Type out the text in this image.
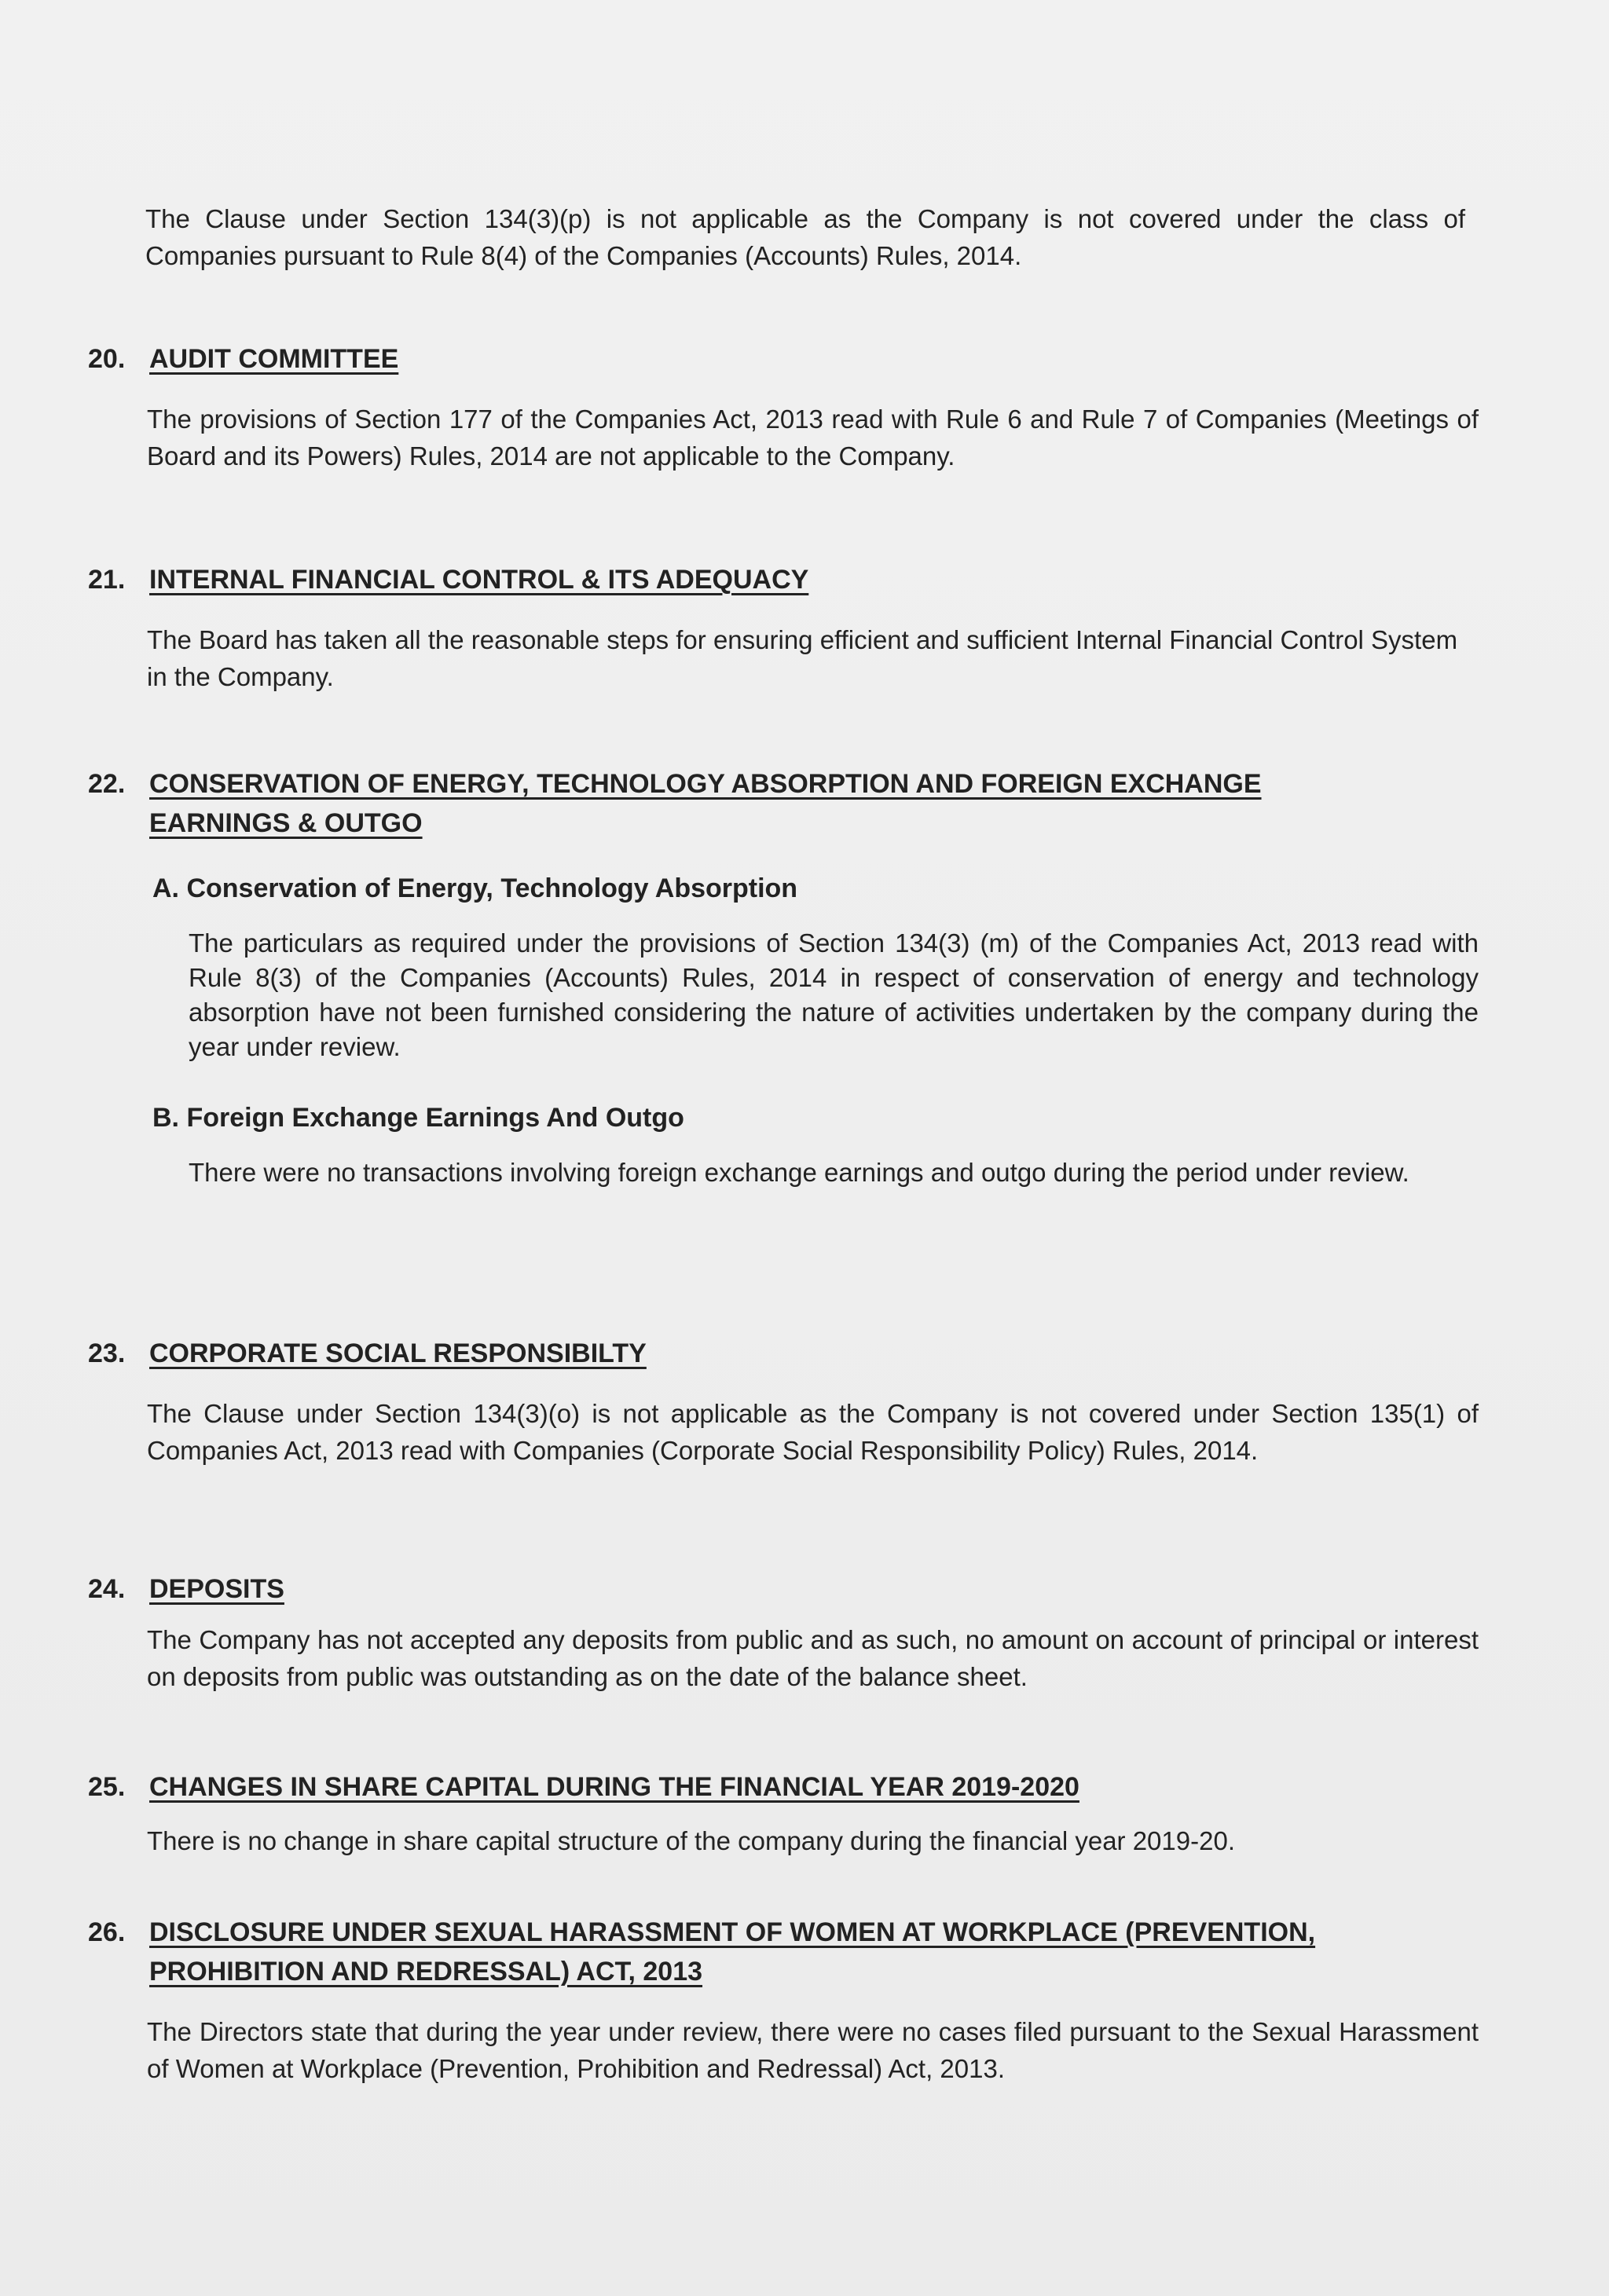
The Clause under Section 134(3)(p) is not applicable as the Company is not covered under the class of Companies pursuant to Rule 8(4) of the Companies (Accounts) Rules, 2014.

20. AUDIT COMMITTEE

The provisions of Section 177 of the Companies Act, 2013 read with Rule 6 and Rule 7 of Companies (Meetings of Board and its Powers) Rules, 2014 are not applicable to the Company.

21. INTERNAL FINANCIAL CONTROL & ITS ADEQUACY

The Board has taken all the reasonable steps for ensuring efficient and sufficient Internal Financial Control System in the Company.

22. CONSERVATION OF ENERGY, TECHNOLOGY ABSORPTION AND FOREIGN EXCHANGE EARNINGS & OUTGO
A. Conservation of Energy, Technology Absorption

The particulars as required under the provisions of Section 134(3) (m) of the Companies Act, 2013 read with Rule 8(3) of the Companies (Accounts) Rules, 2014 in respect of conservation of energy and technology absorption have not been furnished considering the nature of activities undertaken by the company during the year under review.

B. Foreign Exchange Earnings And Outgo

There were no transactions involving foreign exchange earnings and outgo during the period under review.

23. CORPORATE SOCIAL RESPONSIBILTY

The Clause under Section 134(3)(o) is not applicable as the Company is not covered under Section 135(1) of Companies Act, 2013 read with Companies (Corporate Social Responsibility Policy) Rules, 2014.

24. DEPOSITS

The Company has not accepted any deposits from public and as such, no amount on account of principal or interest on deposits from public was outstanding as on the date of the balance sheet.

25. CHANGES IN SHARE CAPITAL DURING THE FINANCIAL YEAR 2019-2020

There is no change in share capital structure of the company during the financial year 2019-20.

26. DISCLOSURE UNDER SEXUAL HARASSMENT OF WOMEN AT WORKPLACE (PREVENTION, PROHIBITION AND REDRESSAL) ACT, 2013

The Directors state that during the year under review, there were no cases filed pursuant to the Sexual Harassment of Women at Workplace (Prevention, Prohibition and Redressal) Act, 2013.
